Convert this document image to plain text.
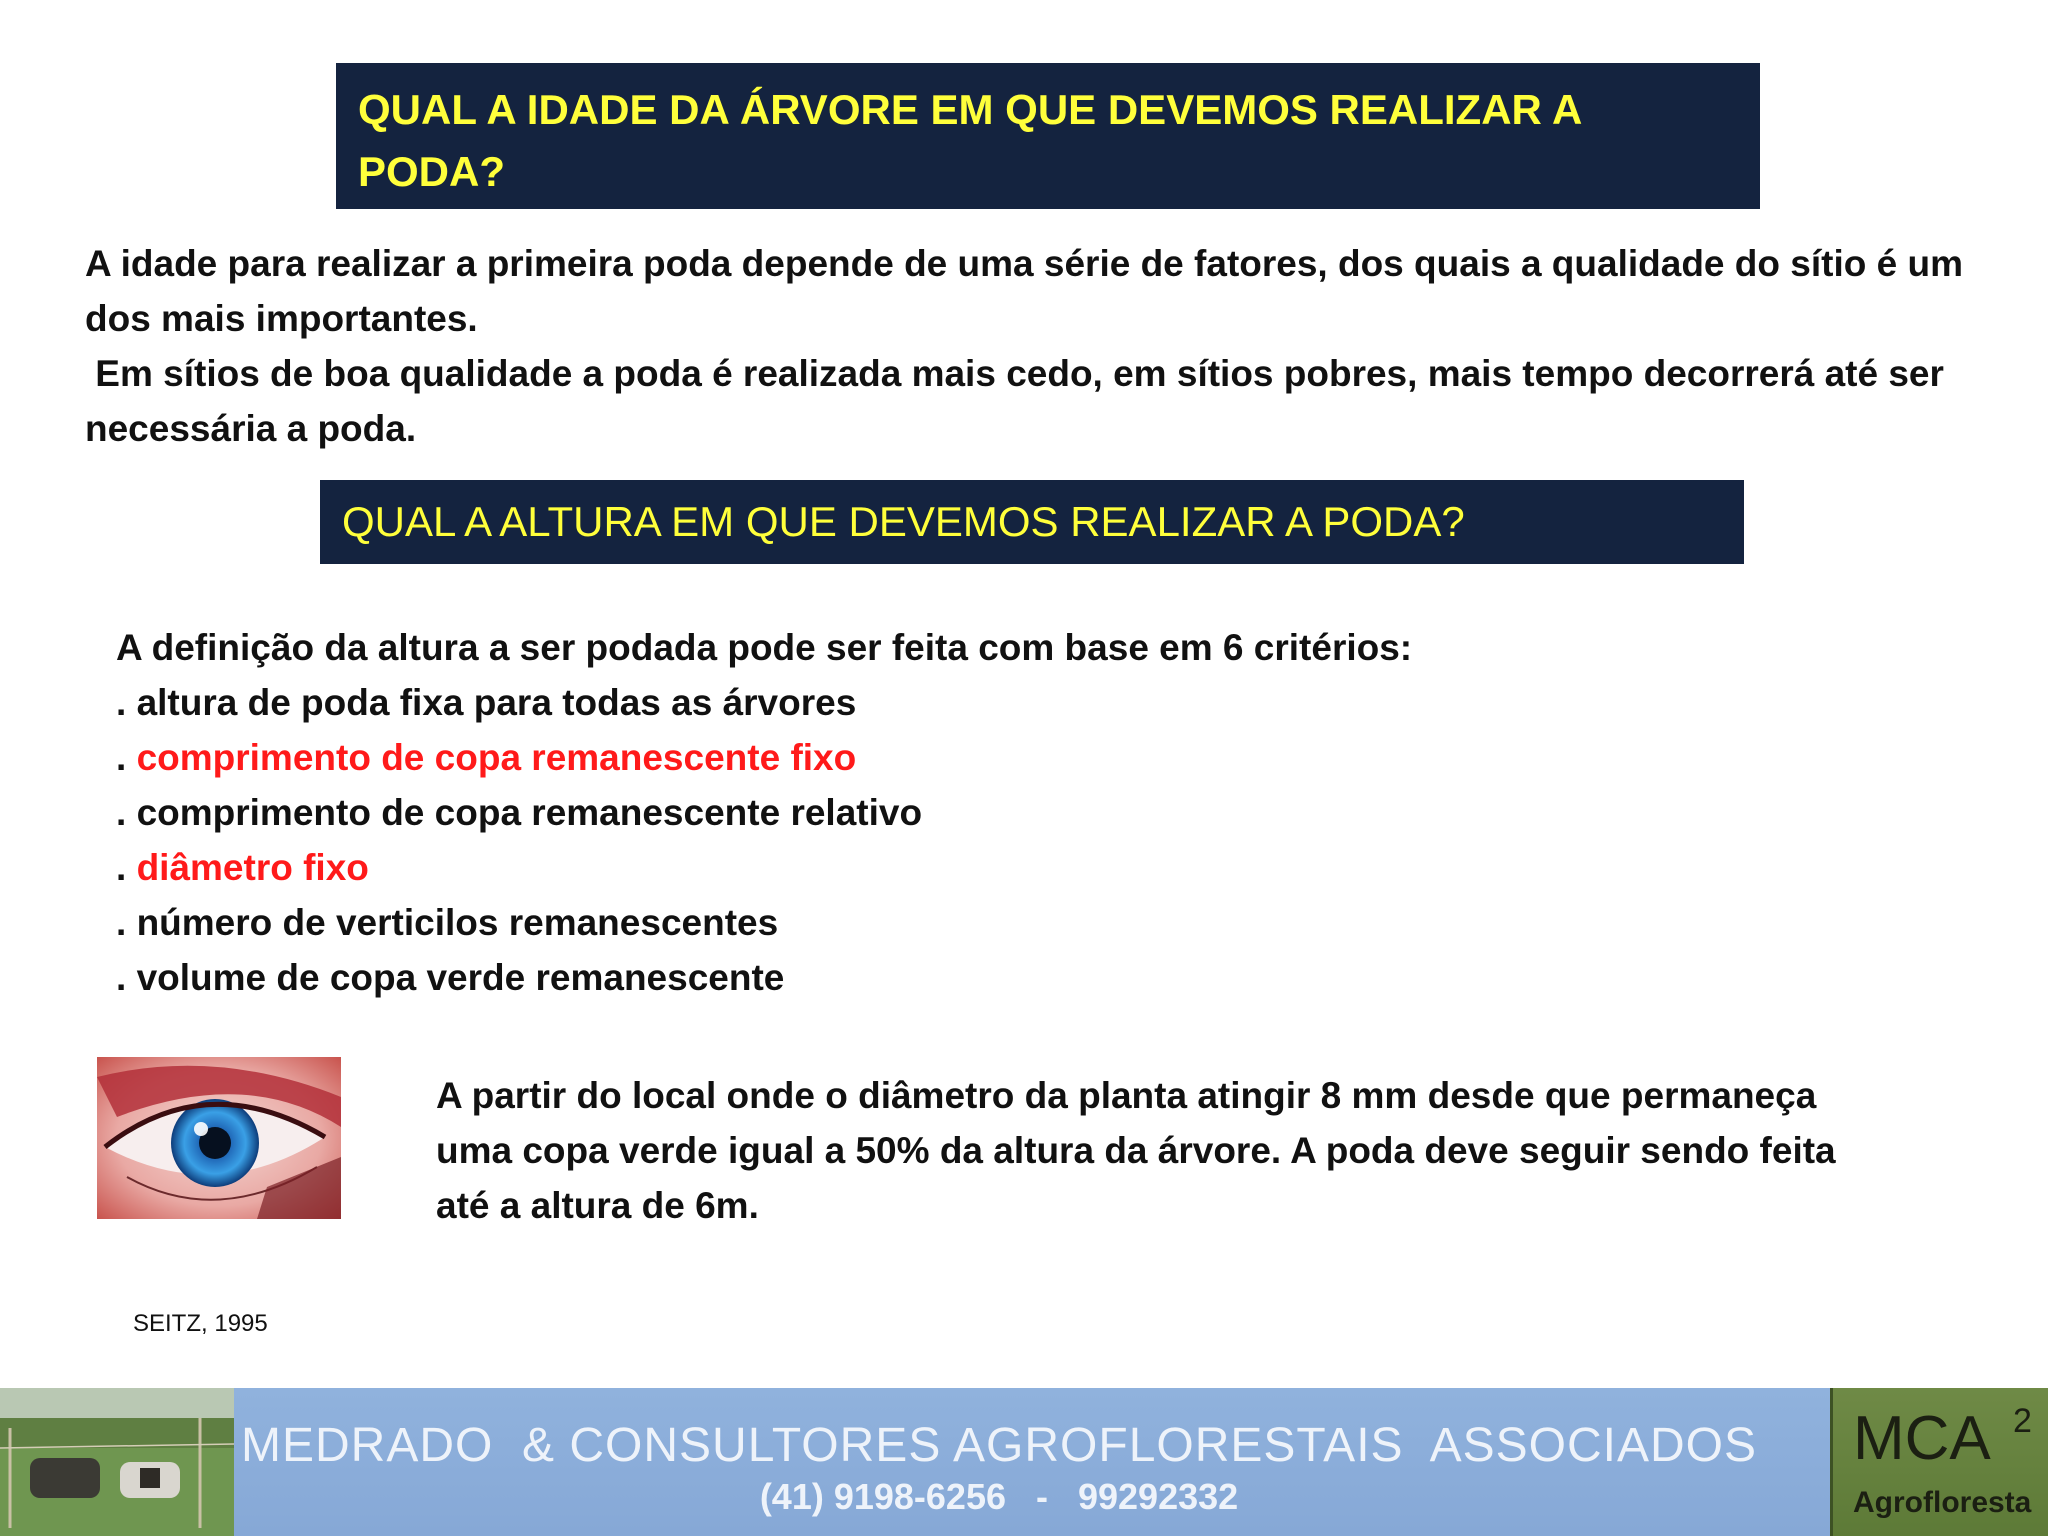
QUAL A IDADE DA ÁRVORE EM QUE DEVEMOS REALIZAR A PODA?

A idade para realizar a primeira poda depende de uma série de fatores, dos quais a qualidade do sítio é um dos mais importantes.

Em sítios de boa qualidade a poda é realizada mais cedo, em sítios pobres, mais tempo decorrerá até ser necessária a poda.

QUAL A ALTURA EM QUE DEVEMOS REALIZAR A PODA?
A definição da altura a ser podada pode ser feita com base em 6 critérios:
. altura de poda fixa para todas as árvores
. comprimento de copa remanescente fixo
. comprimento de copa remanescente relativo
. diâmetro fixo
. número de verticilos remanescentes
. volume de copa verde remanescente
A partir do local onde o diâmetro da planta atingir 8 mm desde que permaneça uma copa verde igual a 50% da altura da árvore. A poda deve seguir sendo feita até a altura de 6m.
SEITZ, 1995
MEDRADO  & CONSULTORES AGROFLORESTAIS  ASSOCIADOS
(41) 9198-6256   -   99292332
MCA 2
Agrofloresta
